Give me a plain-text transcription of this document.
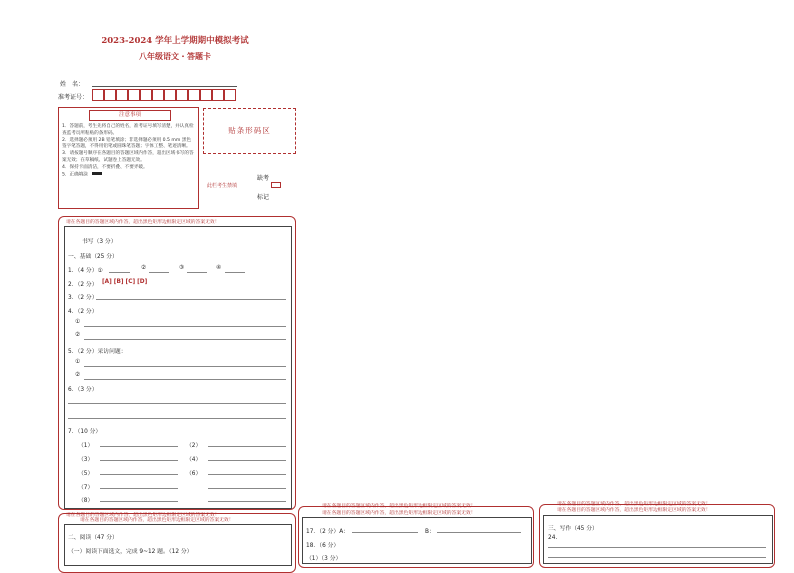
2023-2024 学年上学期期中模拟考试
八年级语文・答题卡
姓　名：
准考证号：
注意事项
1．答题前，考生先将自己的姓名，准考证号填写清楚，并认真检查监考员所粘贴的条形码。
2．选择题必须用 2B 铅笔填涂；非选择题必须用 0.5 mm 黑色签字笔答题，不得用铅笔或圆珠笔答题；字体工整、笔迹清晰。
3．请按题号顺序在各题目的答题区域内作答，超出区域书写的答案无效；在草稿纸、试题卷上答题无效。
4．保持卡面清洁，不要折叠、不要弄破。
5．正确填涂
贴条形码区
缺考
此栏考生禁填
标记
请在各题目的答题区域内作答，超出黑色矩形边框限定区域的答案无效！
书写（3 分）
一、基础（25 分）
1．（4 分）①	②	③	④
2．（2 分） [A] [B] [C] [D]
3．（2 分）
4．（2 分）
①
②
5．（2 分）采访问题：
①
②
6．（3 分）
7．（10 分）
（1）	（2）
（3）	（4）
（5）	（6）
（7）
（8）
请在各题目的答题区域内作答，超出黑色矩形边框限定区域的答案无效！
请在各题目的答题区域内作答，超出黑色矩形边框限定区域的答案无效！
二、阅读（47 分）
（一）阅读下面选文，完成 9~12 题。（12 分）
请在各题目的答题区域内作答，超出黑色矩形边框限定区域的答案无效！
请在各题目的答题区域内作答，超出黑色矩形边框限定区域的答案无效！
17．（2 分）A：	B：
18．（6 分）
（1）（3 分）
请在各题目的答题区域内作答，超出黑色矩形边框限定区域的答案无效！
请在各题目的答题区域内作答，超出黑色矩形边框限定区域的答案无效！
三、写作（45 分）
24.
